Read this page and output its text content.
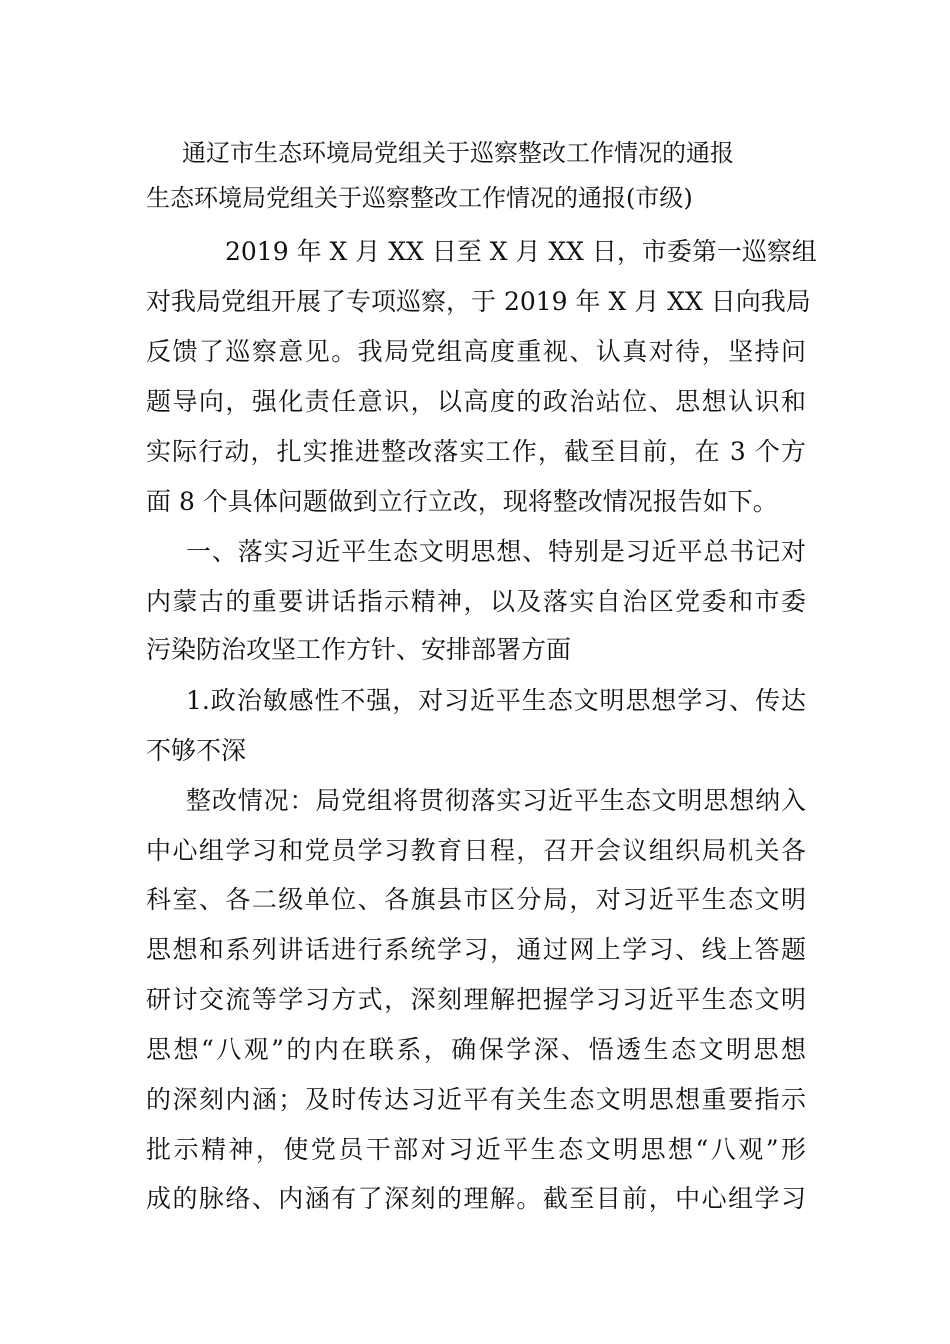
通辽市生态环境局党组关于巡察整改工作情况的通报
生态环境局党组关于巡察整改工作情况的通报(市级)
2019 年 X 月 XX 日至 X 月 XX 日，市委第一巡察组
对我局党组开展了专项巡察，于 2019 年 X 月 XX 日向我局
反馈了巡察意见。我局党组高度重视、认真对待，坚持问
题导向，强化责任意识，以高度的政治站位、思想认识和
实际行动，扎实推进整改落实工作，截至目前，在 3 个方
面 8 个具体问题做到立行立改，现将整改情况报告如下。
一、落实习近平生态文明思想、特别是习近平总书记对
内蒙古的重要讲话指示精神，以及落实自治区党委和市委
污染防治攻坚工作方针、安排部署方面
1.政治敏感性不强，对习近平生态文明思想学习、传达
不够不深
整改情况：局党组将贯彻落实习近平生态文明思想纳入
中心组学习和党员学习教育日程，召开会议组织局机关各
科室、各二级单位、各旗县市区分局，对习近平生态文明
思想和系列讲话进行系统学习，通过网上学习、线上答题
研讨交流等学习方式，深刻理解把握学习习近平生态文明
思想“八观”的内在联系，确保学深、悟透生态文明思想
的深刻内涵；及时传达习近平有关生态文明思想重要指示
批示精神，使党员干部对习近平生态文明思想“八观”形
成的脉络、内涵有了深刻的理解。截至目前，中心组学习
